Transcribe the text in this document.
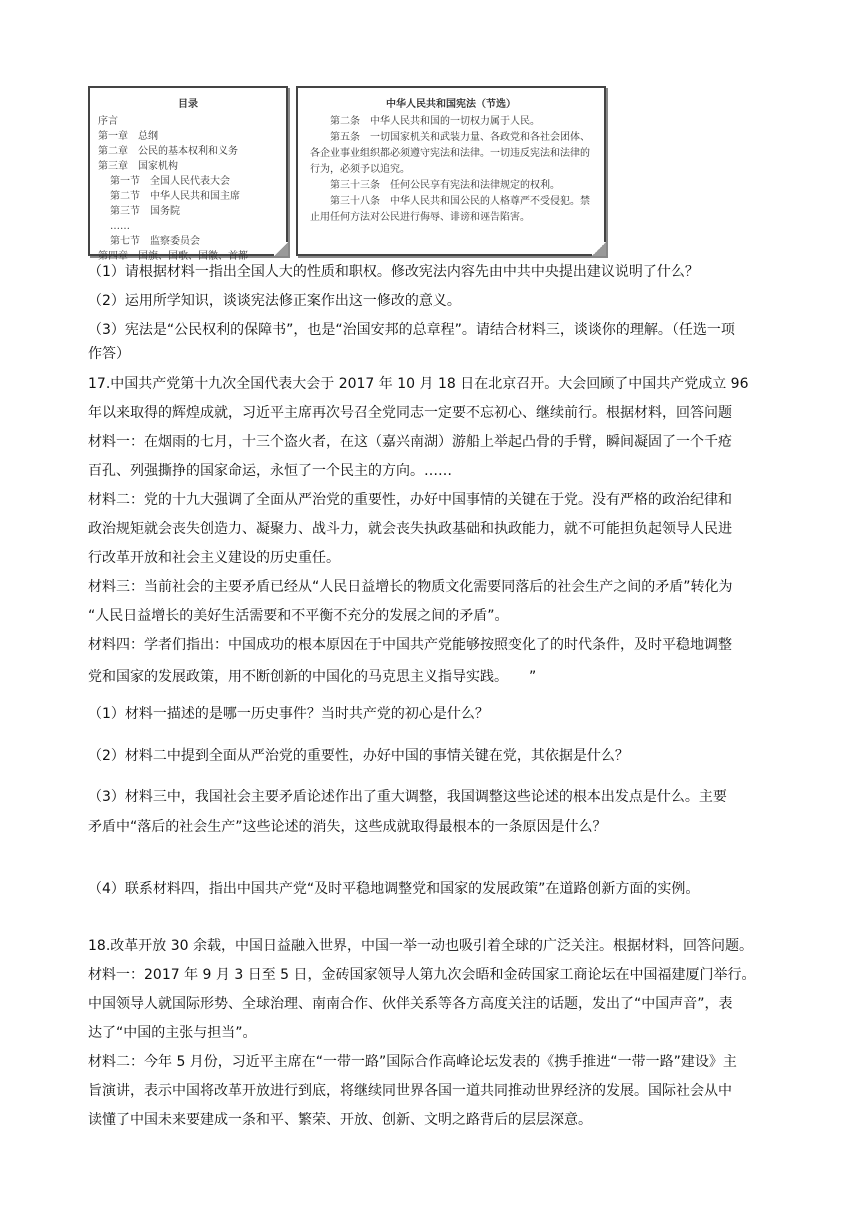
目录
序言
第一章　总纲
第二章　公民的基本权利和义务
第三章　国家机构
第一节　全国人民代表大会
第二节　中华人民共和国主席
第三节　国务院
……
第七节　监察委员会
第四章　国旗、国歌、国徽、首都
中华人民共和国宪法（节选）

第二条　中华人民共和国的一切权力属于人民。

第五条　一切国家机关和武装力量、各政党和各社会团体、各企业事业组织都必须遵守宪法和法律。一切违反宪法和法律的行为，必须予以追究。

第三十三条　任何公民享有宪法和法律规定的权利。

第三十八条　中华人民共和国公民的人格尊严不受侵犯。禁止用任何方法对公民进行侮辱、诽谤和诬告陷害。

（1）请根据材料一指出全国人大的性质和职权。修改宪法内容先由中共中央提出建议说明了什么？
（2）运用所学知识，谈谈宪法修正案作出这一修改的意义。
（3）宪法是“公民权利的保障书”，也是“治国安邦的总章程”。请结合材料三，谈谈你的理解。（任选一项
作答）
17.中国共产党第十九次全国代表大会于 2017 年 10 月 18 日在北京召开。大会回顾了中国共产党成立 96
年以来取得的辉煌成就，习近平主席再次号召全党同志一定要不忘初心、继续前行。根据材料，回答问题
材料一：在烟雨的七月，十三个盗火者，在这（嘉兴南湖）游船上举起凸骨的手臂，瞬间凝固了一个千疮
百孔、列强撕挣的国家命运，永恒了一个民主的方向。……
材料二：党的十九大强调了全面从严治党的重要性，办好中国事情的关键在于党。没有严格的政治纪律和
政治规矩就会丧失创造力、凝聚力、战斗力，就会丧失执政基础和执政能力，就不可能担负起领导人民进
行改革开放和社会主义建设的历史重任。
材料三：当前社会的主要矛盾已经从“人民日益增长的物质文化需要同落后的社会生产之间的矛盾”转化为
“人民日益增长的美好生活需要和不平衡不充分的发展之间的矛盾”。
材料四：学者们指出：中国成功的根本原因在于中国共产党能够按照变化了的时代条件，及时平稳地调整
党和国家的发展政策，用不断创新的中国化的马克思主义指导实践。　　”
（1）材料一描述的是哪一历史事件？当时共产党的初心是什么？
（2）材料二中提到全面从严治党的重要性，办好中国的事情关键在党，其依据是什么？
（3）材料三中，我国社会主要矛盾论述作出了重大调整，我国调整这些论述的根本出发点是什么。主要
矛盾中“落后的社会生产”这些论述的消失，这些成就取得最根本的一条原因是什么？
（4）联系材料四，指出中国共产党“及时平稳地调整党和国家的发展政策”在道路创新方面的实例。
18.改革开放 30 余载，中国日益融入世界，中国一举一动也吸引着全球的广泛关注。根据材料，回答问题。
材料一：2017 年 9 月 3 日至 5 日，金砖国家领导人第九次会晤和金砖国家工商论坛在中国福建厦门举行。
中国领导人就国际形势、全球治理、南南合作、伙伴关系等各方高度关注的话题，发出了“中国声音”，表
达了“中国的主张与担当”。
材料二：今年 5 月份，习近平主席在“一带一路”国际合作高峰论坛发表的《携手推进“一带一路”建设》主
旨演讲，表示中国将改革开放进行到底，将继续同世界各国一道共同推动世界经济的发展。国际社会从中
读懂了中国未来要建成一条和平、繁荣、开放、创新、文明之路背后的层层深意。
